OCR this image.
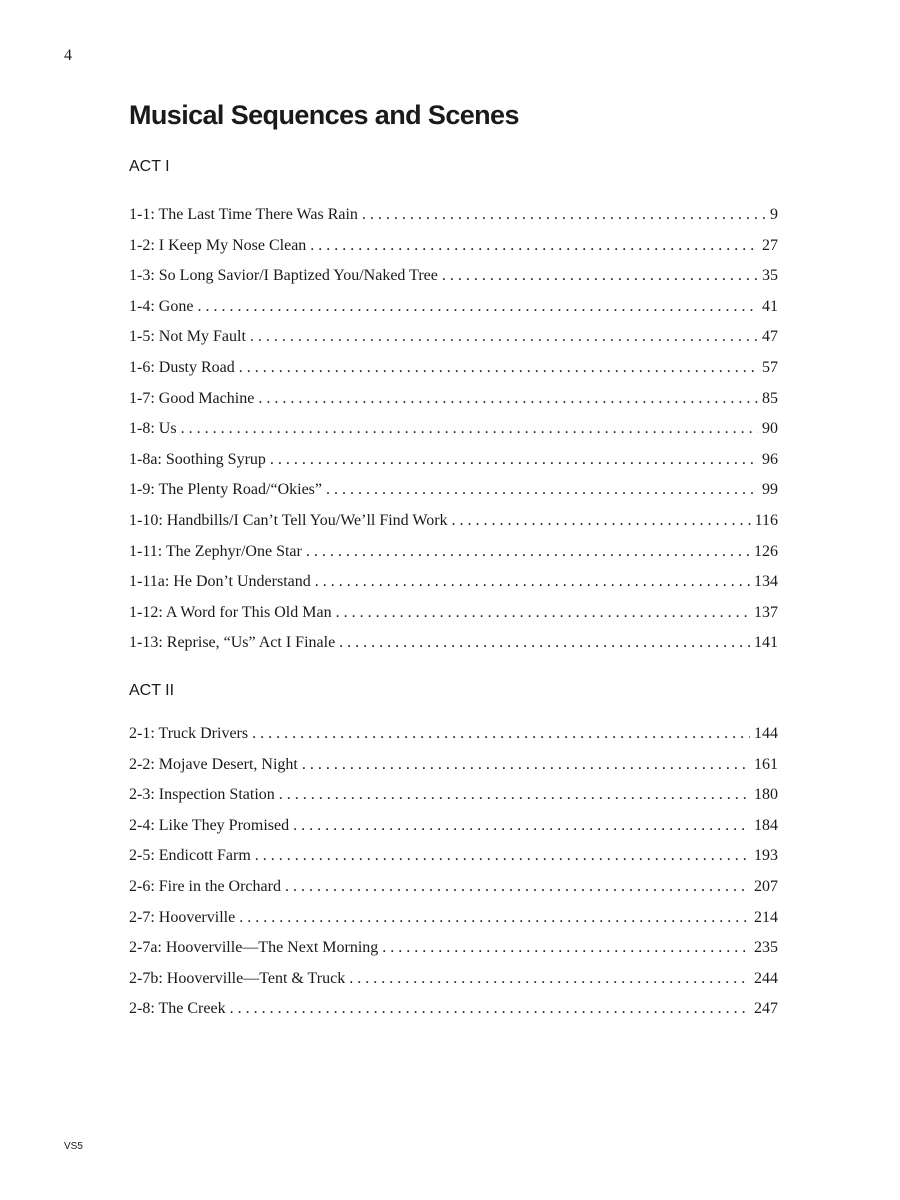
4
Musical Sequences and Scenes
ACT I
1-1: The Last Time There Was Rain . . .	9
1-2: I Keep My Nose Clean . . .	27
1-3: So Long Savior/I Baptized You/Naked Tree . . .	35
1-4: Gone . . .	41
1-5: Not My Fault . . .	47
1-6: Dusty Road . . .	57
1-7: Good Machine . . .	85
1-8: Us . . .	90
1-8a: Soothing Syrup . . .	96
1-9: The Plenty Road/“Okies” . . .	99
1-10: Handbills/I Can’t Tell You/We’ll Find Work . . .	116
1-11: The Zephyr/One Star . . .	126
1-11a: He Don’t Understand . . .	134
1-12: A Word for This Old Man . . .	137
1-13: Reprise, “Us” Act I Finale . . .	141
ACT II
2-1: Truck Drivers . . .	144
2-2: Mojave Desert, Night . . .	161
2-3: Inspection Station . . .	180
2-4: Like They Promised . . .	184
2-5: Endicott Farm . . .	193
2-6: Fire in the Orchard . . .	207
2-7: Hooverville . . .	214
2-7a: Hooverville—The Next Morning . . .	235
2-7b: Hooverville—Tent & Truck . . .	244
2-8: The Creek . . .	247
VS5
